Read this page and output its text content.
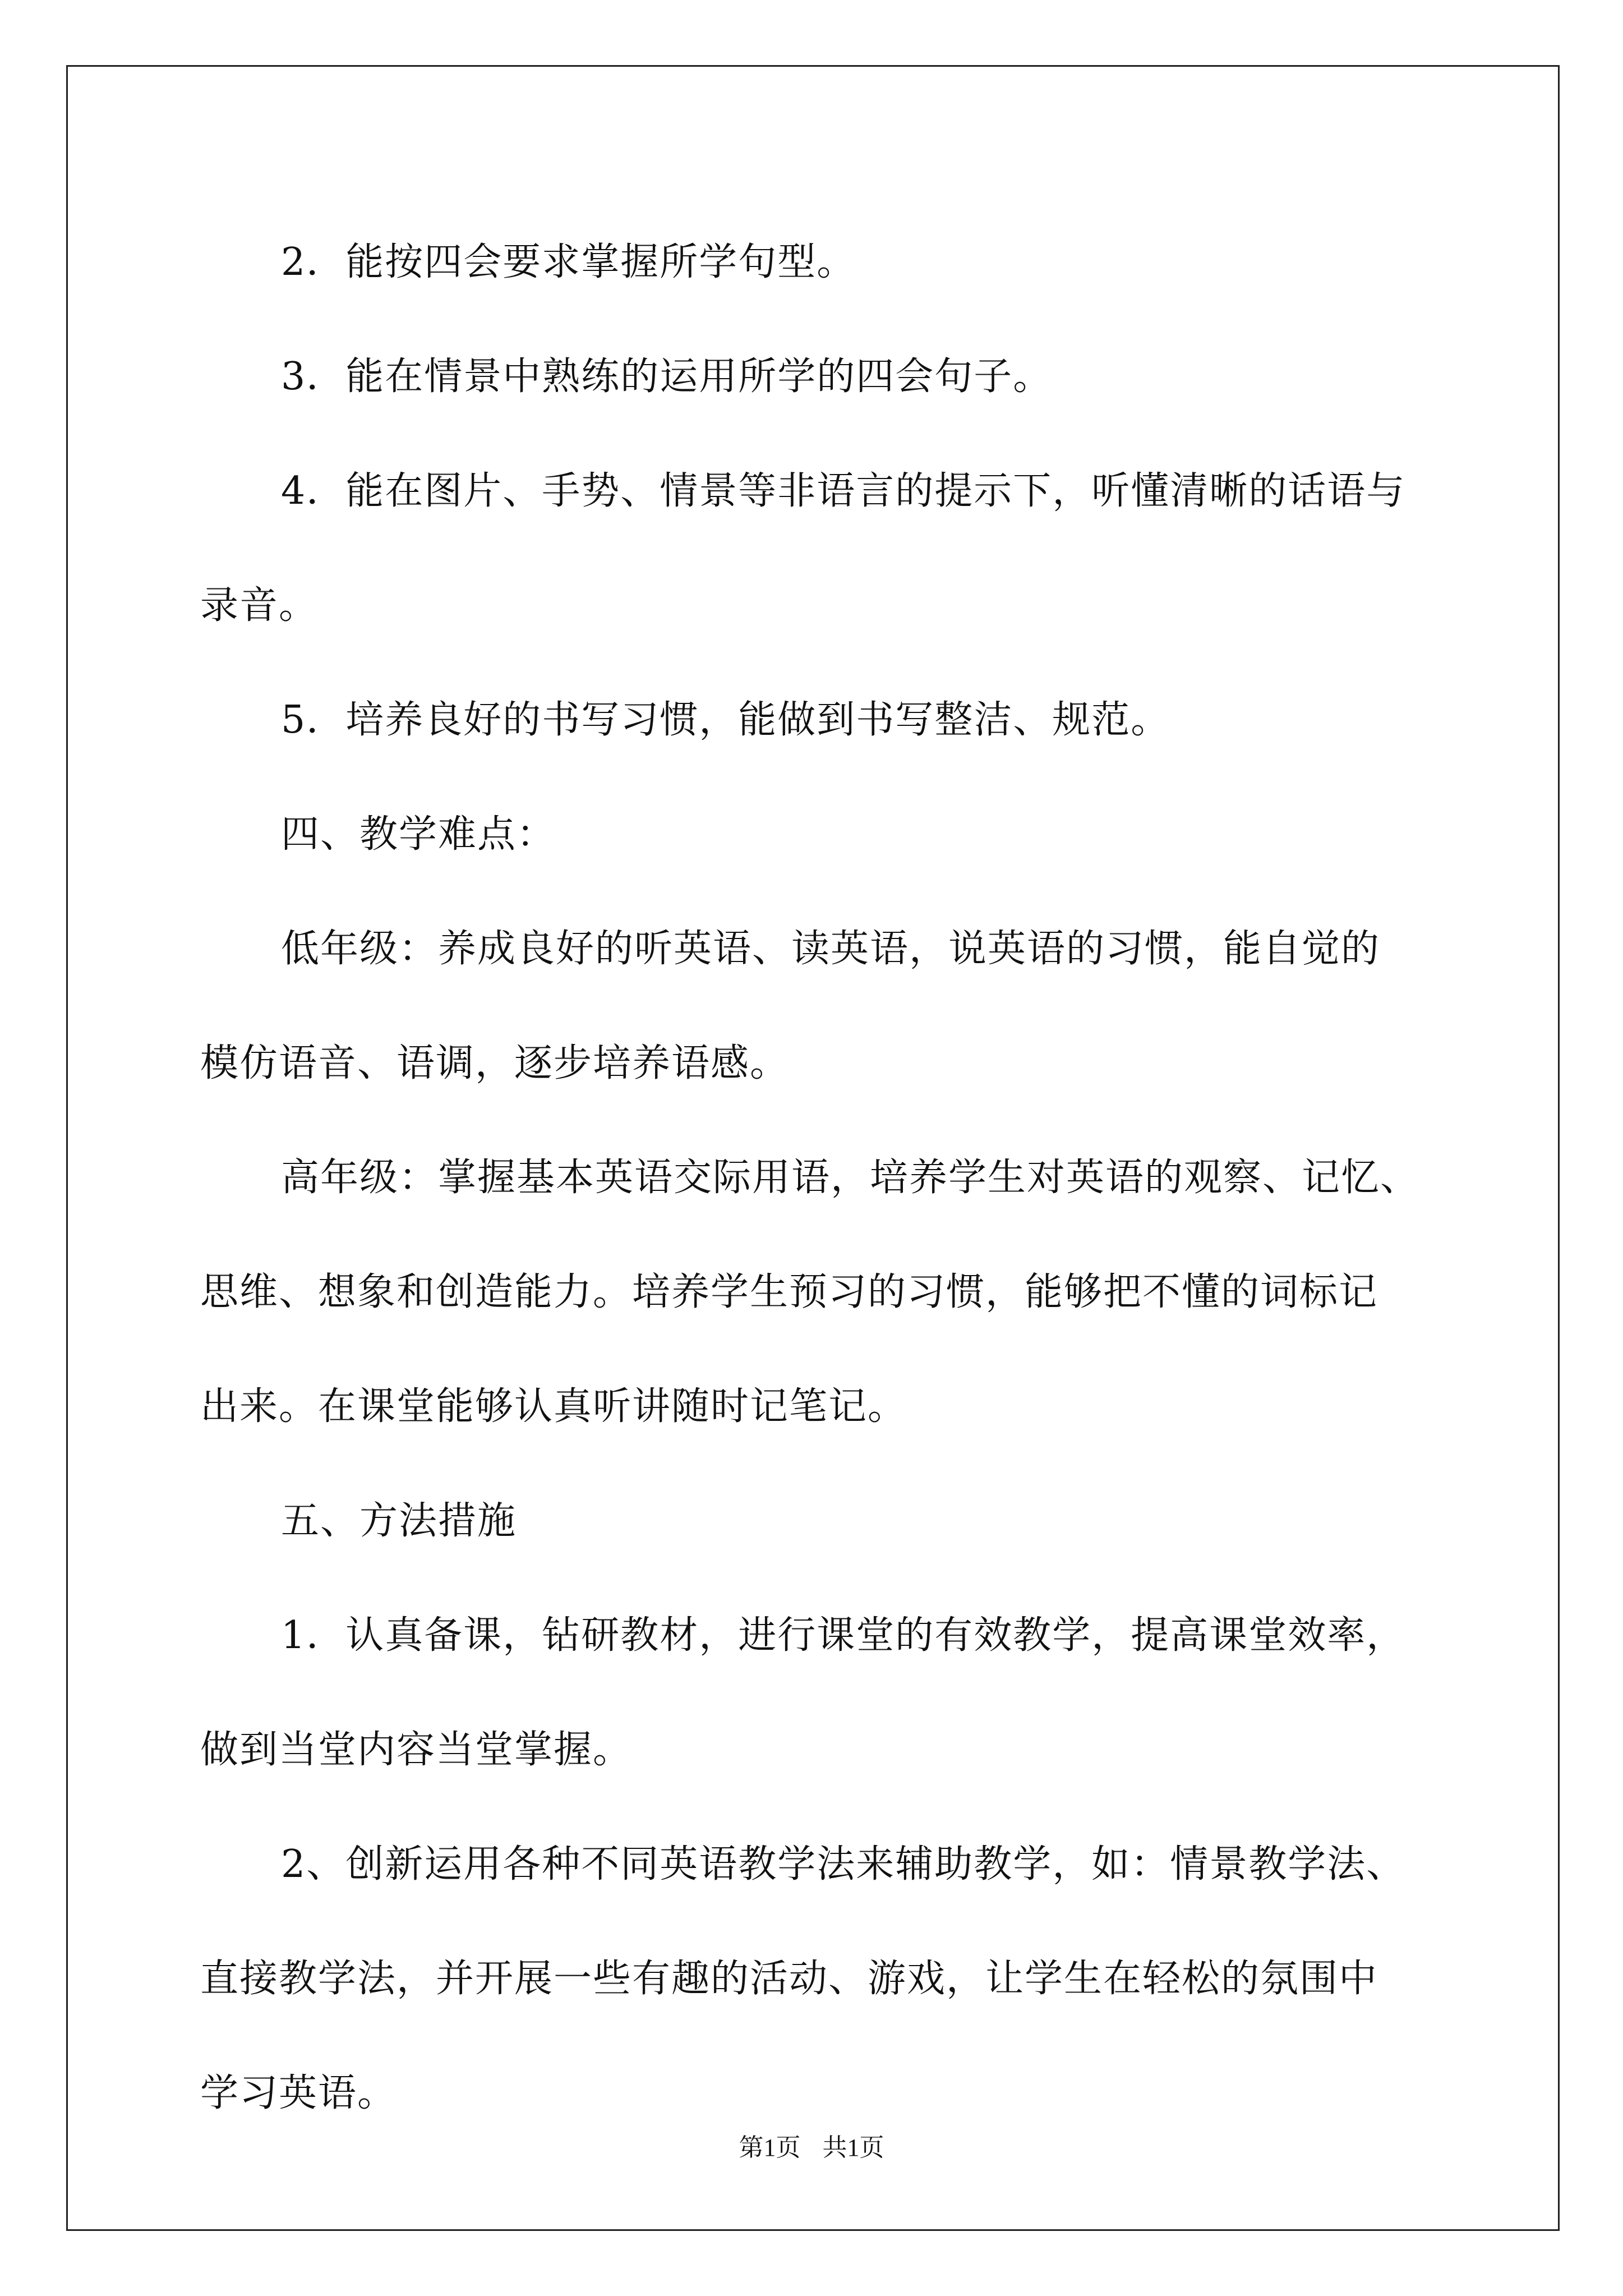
2．能按四会要求掌握所学句型。

3．能在情景中熟练的运用所学的四会句子。

4．能在图片、手势、情景等非语言的提示下，听懂清晰的话语与

录音。

5．培养良好的书写习惯，能做到书写整洁、规范。

四、教学难点：

低年级：养成良好的听英语、读英语，说英语的习惯，能自觉的

模仿语音、语调，逐步培养语感。

高年级：掌握基本英语交际用语，培养学生对英语的观察、记忆、

思维、想象和创造能力。培养学生预习的习惯，能够把不懂的词标记

出来。在课堂能够认真听讲随时记笔记。

五、方法措施

1．认真备课，钻研教材，进行课堂的有效教学，提高课堂效率，

做到当堂内容当堂掌握。

2、创新运用各种不同英语教学法来辅助教学，如：情景教学法、

直接教学法，并开展一些有趣的活动、游戏，让学生在轻松的氛围中

学习英语。

第1页 共1页
